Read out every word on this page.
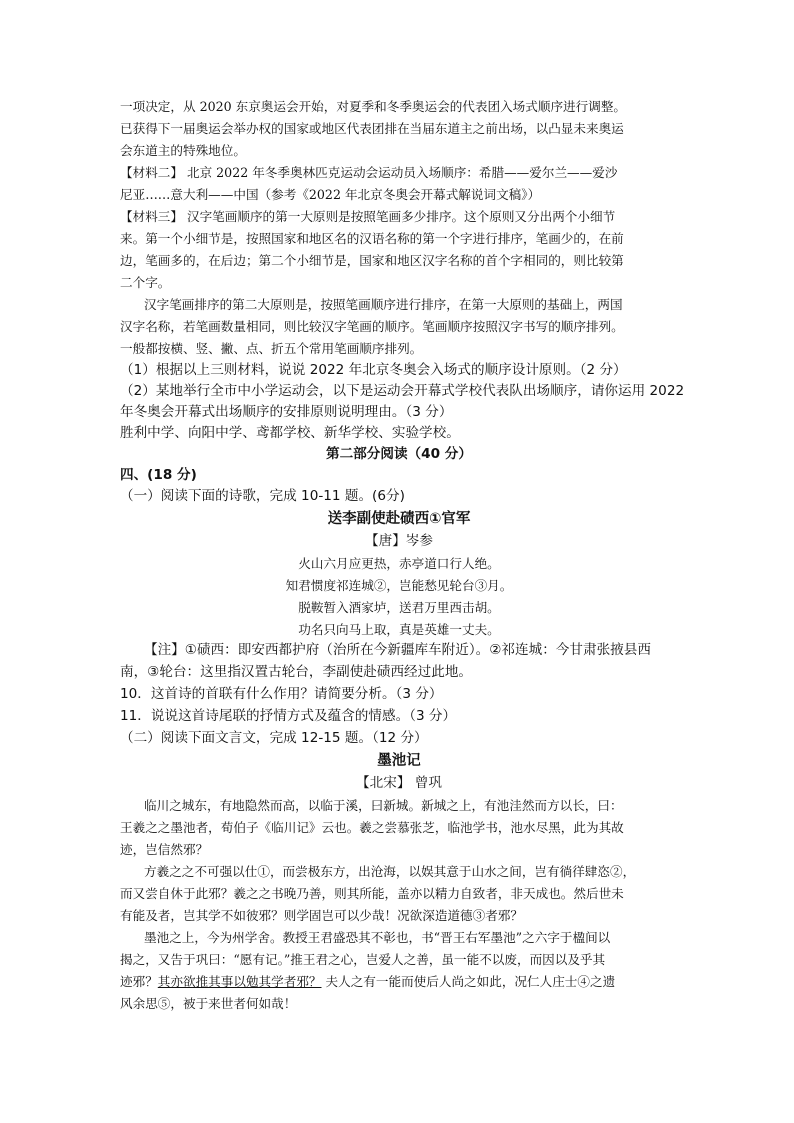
一项决定，从 2020 东京奥运会开始，对夏季和冬季奥运会的代表团入场式顺序进行调整。
已获得下一届奥运会举办权的国家或地区代表团排在当届东道主之前出场，以凸显未来奥运
会东道主的特殊地位。
【材料二】 北京 2022 年冬季奥林匹克运动会运动员入场顺序：希腊——爱尔兰——爱沙
尼亚……意大利——中国（参考《2022 年北京冬奥会开幕式解说词文稿》）
【材料三】 汉字笔画顺序的第一大原则是按照笔画多少排序。这个原则又分出两个小细节
来。第一个小细节是，按照国家和地区名的汉语名称的第一个字进行排序，笔画少的，在前
边，笔画多的，在后边；第二个小细节是，国家和地区汉字名称的首个字相同的，则比较第
二个字。
汉字笔画排序的第二大原则是，按照笔画顺序进行排序，在第一大原则的基础上，两国
汉字名称，若笔画数量相同，则比较汉字笔画的顺序。笔画顺序按照汉字书写的顺序排列。
一般都按横、竖、撇、点、折五个常用笔画顺序排列。
（1）根据以上三则材料，说说 2022 年北京冬奥会入场式的顺序设计原则。（2 分）
（2）某地举行全市中小学运动会，以下是运动会开幕式学校代表队出场顺序，请你运用 2022
年冬奥会开幕式出场顺序的安排原则说明理由。（3 分）
胜利中学、向阳中学、鸢都学校、新华学校、实验学校。
第二部分阅读（40 分）
四、(18 分)
（一）阅读下面的诗歌，完成 10-11 题。(6分)
送李副使赴碛西①官军
【唐】岑参
火山六月应更热，赤亭道口行人绝。
知君惯度祁连城②，岂能愁见轮台③月。
脱鞍暂入酒家垆，送君万里西击胡。
功名只向马上取，真是英雄一丈夫。
【注】①碛西：即安西都护府（治所在今新疆库车附近）。②祁连城：今甘肃张掖县西
南，③轮台：这里指汉置古轮台，李副使赴碛西经过此地。
10．这首诗的首联有什么作用？请简要分析。（3 分）
11．说说这首诗尾联的抒情方式及蕴含的情感。（3 分）
（二）阅读下面文言文，完成 12-15 题。（12 分）
墨池记
【北宋】 曾巩
临川之城东，有地隐然而高，以临于溪，曰新城。新城之上，有池洼然而方以长，曰：
王羲之之墨池者，荀伯子《临川记》云也。羲之尝慕张芝，临池学书，池水尽黑，此为其故
迹，岂信然邪？
方羲之之不可强以仕①，而尝极东方，出沧海，以娱其意于山水之间，岂有徜徉肆恣②，
而又尝自休于此邪？羲之之书晚乃善，则其所能，盖亦以精力自致者，非天成也。然后世未
有能及者，岂其学不如彼邪？则学固岂可以少哉！况欲深造道德③者邪？
墨池之上，今为州学舍。教授王君盛恐其不彰也，书“晋王右军墨池”之六字于楹间以
揭之，又告于巩曰：“愿有记。”推王君之心，岂爱人之善，虽一能不以废，而因以及乎其
迹邪？其亦欲推其事以勉其学者邪？ 夫人之有一能而使后人尚之如此，况仁人庄士④之遗
风余思⑤，被于来世者何如哉！
